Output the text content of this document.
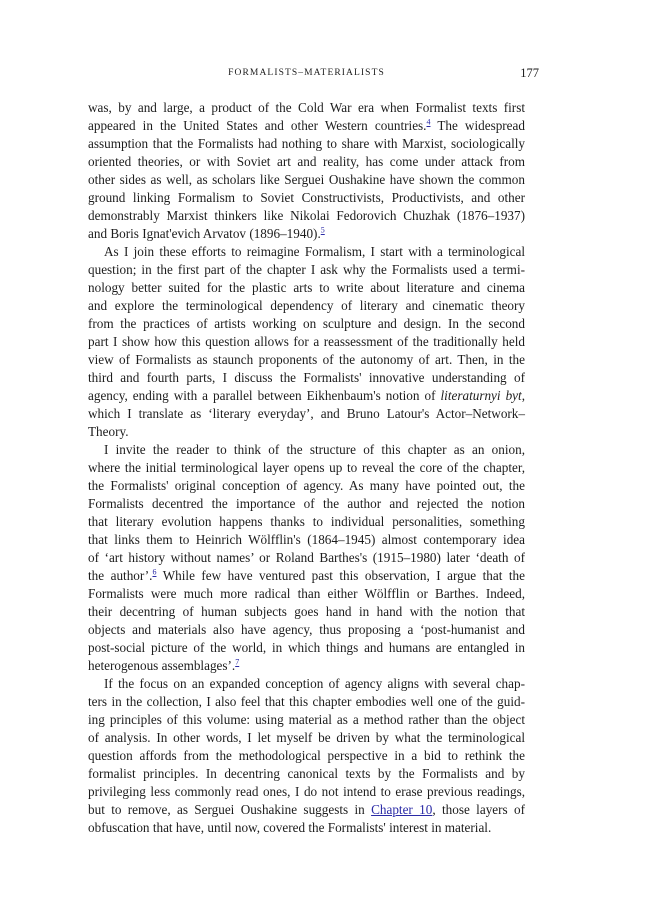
FORMALISTS–MATERIALISTS	177
was, by and large, a product of the Cold War era when Formalist texts first
appeared in the United States and other Western countries.$^4$ The widespread
assumption that the Formalists had nothing to share with Marxist, sociologically
oriented theories, or with Soviet art and reality, has come under attack from
other sides as well, as scholars like Serguei Oushakine have shown the common
ground linking Formalism to Soviet Constructivists, Productivists, and other
demonstrably Marxist thinkers like Nikolai Fedorovich Chuzhak (1876–1937)
and Boris Ignat'evich Arvatov (1896–1940).$^5$
As I join these efforts to reimagine Formalism, I start with a terminological
question; in the first part of the chapter I ask why the Formalists used a termi-
nology better suited for the plastic arts to write about literature and cinema
and explore the terminological dependency of literary and cinematic theory
from the practices of artists working on sculpture and design. In the second
part I show how this question allows for a reassessment of the traditionally held
view of Formalists as staunch proponents of the autonomy of art. Then, in the
third and fourth parts, I discuss the Formalists' innovative understanding of
agency, ending with a parallel between Eikhenbaum's notion of literaturnyi byt,
which I translate as ‘literary everyday’, and Bruno Latour's Actor–Network–
Theory.
I invite the reader to think of the structure of this chapter as an onion,
where the initial terminological layer opens up to reveal the core of the chapter,
the Formalists' original conception of agency. As many have pointed out, the
Formalists decentred the importance of the author and rejected the notion
that literary evolution happens thanks to individual personalities, something
that links them to Heinrich Wölfflin's (1864–1945) almost contemporary idea
of ‘art history without names’ or Roland Barthes's (1915–1980) later ‘death of
the author’.$^6$ While few have ventured past this observation, I argue that the
Formalists were much more radical than either Wölfflin or Barthes. Indeed,
their decentring of human subjects goes hand in hand with the notion that
objects and materials also have agency, thus proposing a ‘post-humanist and
post-social picture of the world, in which things and humans are entangled in
heterogenous assemblages’.$^7$
If the focus on an expanded conception of agency aligns with several chap-
ters in the collection, I also feel that this chapter embodies well one of the guid-
ing principles of this volume: using material as a method rather than the object
of analysis. In other words, I let myself be driven by what the terminological
question affords from the methodological perspective in a bid to rethink the
formalist principles. In decentring canonical texts by the Formalists and by
privileging less commonly read ones, I do not intend to erase previous readings,
but to remove, as Serguei Oushakine suggests in Chapter 10, those layers of
obfuscation that have, until now, covered the Formalists' interest in material.
